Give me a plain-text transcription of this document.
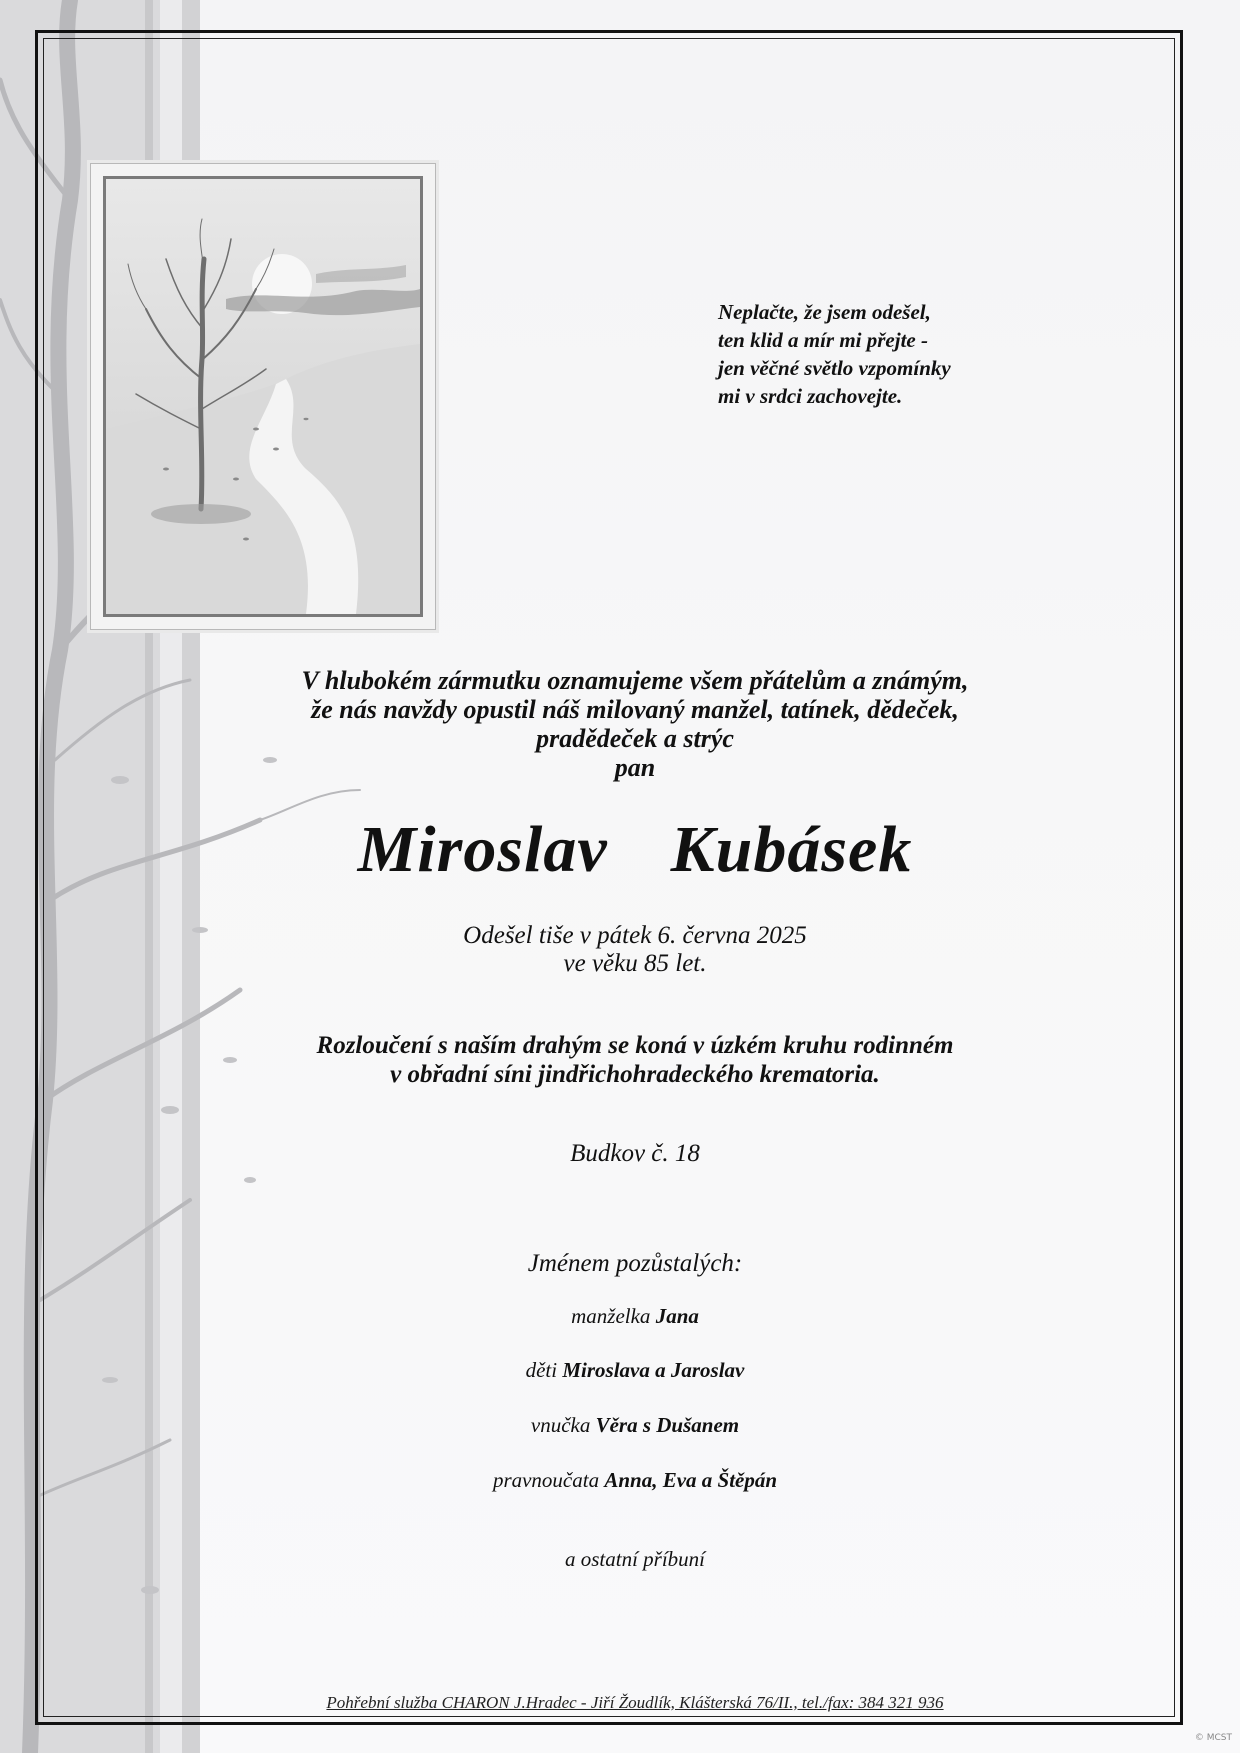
Neplačte, že jsem odešel,
ten klid a mír mi přejte -
jen věčné světlo vzpomínky
mi v srdci zachovejte.
V hlubokém zármutku oznamujeme všem přátelům a známým,
že nás navždy opustil náš milovaný manžel, tatínek, dědeček,
pradědeček a strýc
pan
Miroslav  Kubásek
Odešel tiše v pátek 6. června 2025
ve věku 85 let.
Rozloučení s naším drahým se koná v úzkém kruhu rodinném
v obřadní síni jindřichohradeckého krematoria.
Budkov č. 18
Jménem pozůstalých:
manželka Jana
děti Miroslava a Jaroslav
vnučka Věra s Dušanem
pravnoučata Anna, Eva a Štěpán
a ostatní příbuní
Pohřební služba CHARON J.Hradec - Jiří Žoudlík, Klášterská 76/II., tel./fax: 384 321 936
© MCST
